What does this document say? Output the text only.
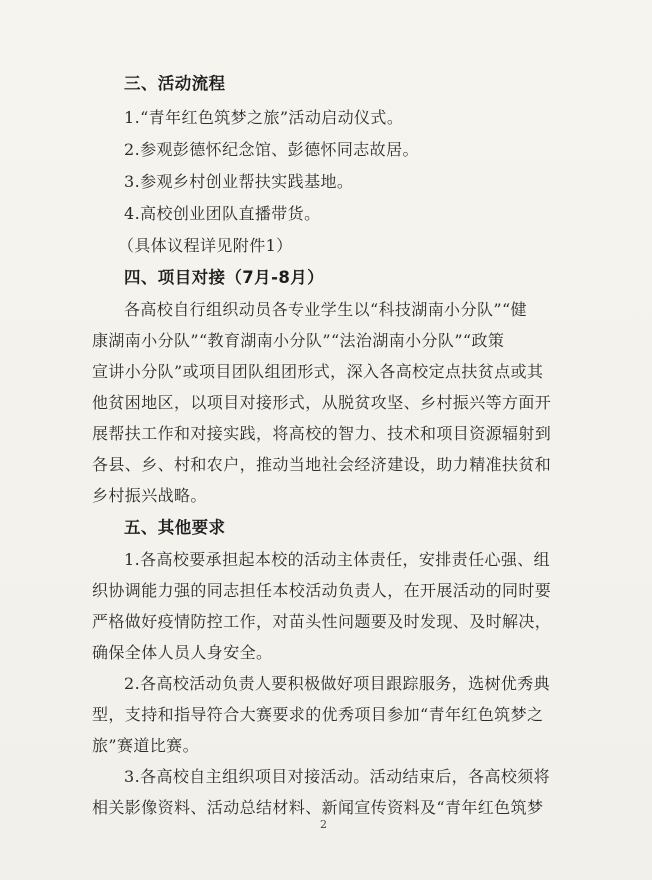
三、活动流程
1.“青年红色筑梦之旅”活动启动仪式。
2.参观彭德怀纪念馆、彭德怀同志故居。
3.参观乡村创业帮扶实践基地。
4.高校创业团队直播带货。
（具体议程详见附件1）
四、项目对接（7月-8月）
各高校自行组织动员各专业学生以“科技湖南小分队”“健
康湖南小分队”“教育湖南小分队”“法治湖南小分队”“政策
宣讲小分队”或项目团队组团形式，深入各高校定点扶贫点或其
他贫困地区，以项目对接形式，从脱贫攻坚、乡村振兴等方面开
展帮扶工作和对接实践，将高校的智力、技术和项目资源辐射到
各县、乡、村和农户，推动当地社会经济建设，助力精准扶贫和
乡村振兴战略。
五、其他要求
1.各高校要承担起本校的活动主体责任，安排责任心强、组
织协调能力强的同志担任本校活动负责人，在开展活动的同时要
严格做好疫情防控工作，对苗头性问题要及时发现、及时解决，
确保全体人员人身安全。
2.各高校活动负责人要积极做好项目跟踪服务，选树优秀典
型，支持和指导符合大赛要求的优秀项目参加“青年红色筑梦之
旅”赛道比赛。
3.各高校自主组织项目对接活动。活动结束后，各高校须将
相关影像资料、活动总结材料、新闻宣传资料及“青年红色筑梦
2
